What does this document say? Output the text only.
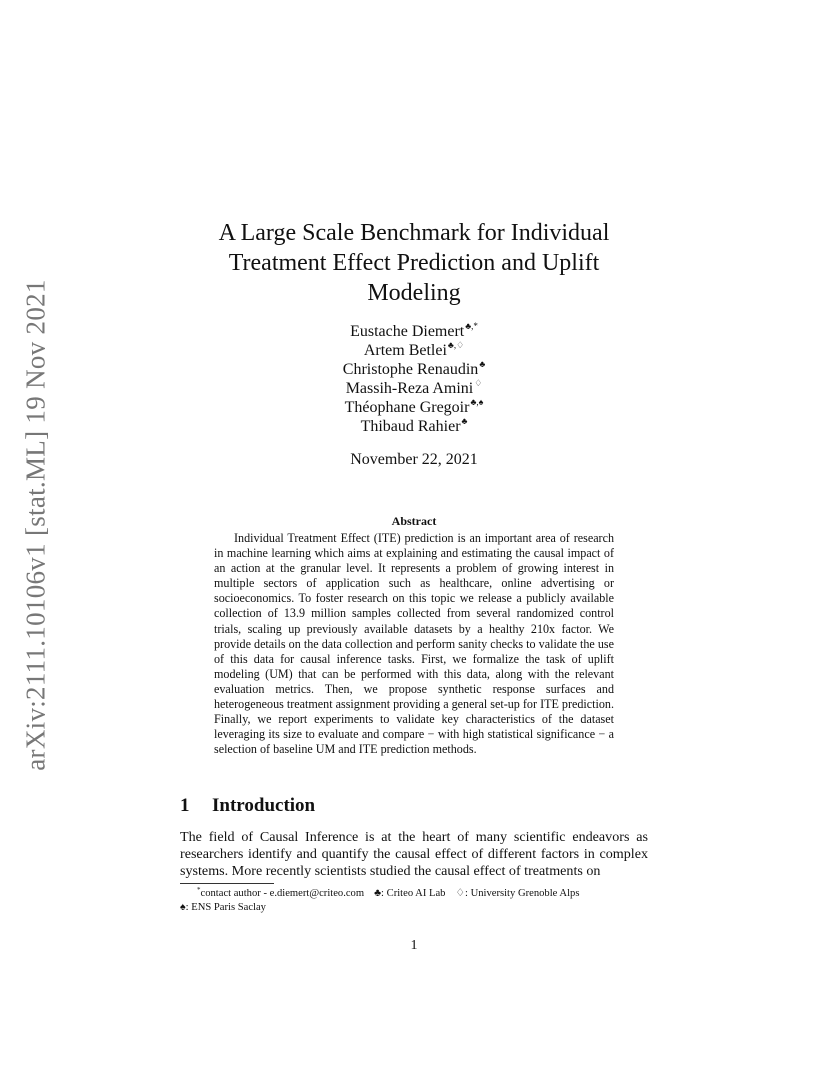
arXiv:2111.10106v1 [stat.ML] 19 Nov 2021
A Large Scale Benchmark for Individual
Treatment Effect Prediction and Uplift
Modeling
Eustache Diemert♣,*
Artem Betlei♣,♢
Christophe Renaudin♣
Massih-Reza Amini♢
Théophane Gregoir♣,♠
Thibaud Rahier♣
November 22, 2021
Abstract
Individual Treatment Effect (ITE) prediction is an important area of research in machine learning which aims at explaining and estimating the causal impact of an action at the granular level. It represents a problem of growing interest in multiple sectors of application such as healthcare, online advertising or socioeconomics. To foster research on this topic we release a publicly available collection of 13.9 million samples collected from several randomized control trials, scaling up previously available datasets by a healthy 210x factor. We provide details on the data collection and perform sanity checks to validate the use of this data for causal inference tasks. First, we formalize the task of uplift modeling (UM) that can be performed with this data, along with the relevant evaluation metrics. Then, we propose synthetic response surfaces and heterogeneous treatment assignment providing a general set-up for ITE prediction. Finally, we report experiments to validate key characteristics of the dataset leveraging its size to evaluate and compare − with high statistical significance − a selection of baseline UM and ITE prediction methods.
1 Introduction
The field of Causal Inference is at the heart of many scientific endeavors as researchers identify and quantify the causal effect of different factors in complex systems. More recently scientists studied the causal effect of treatments on
*contact author - e.diemert@criteo.com ♣: Criteo AI Lab ♢: University Grenoble Alps
♠: ENS Paris Saclay
1
